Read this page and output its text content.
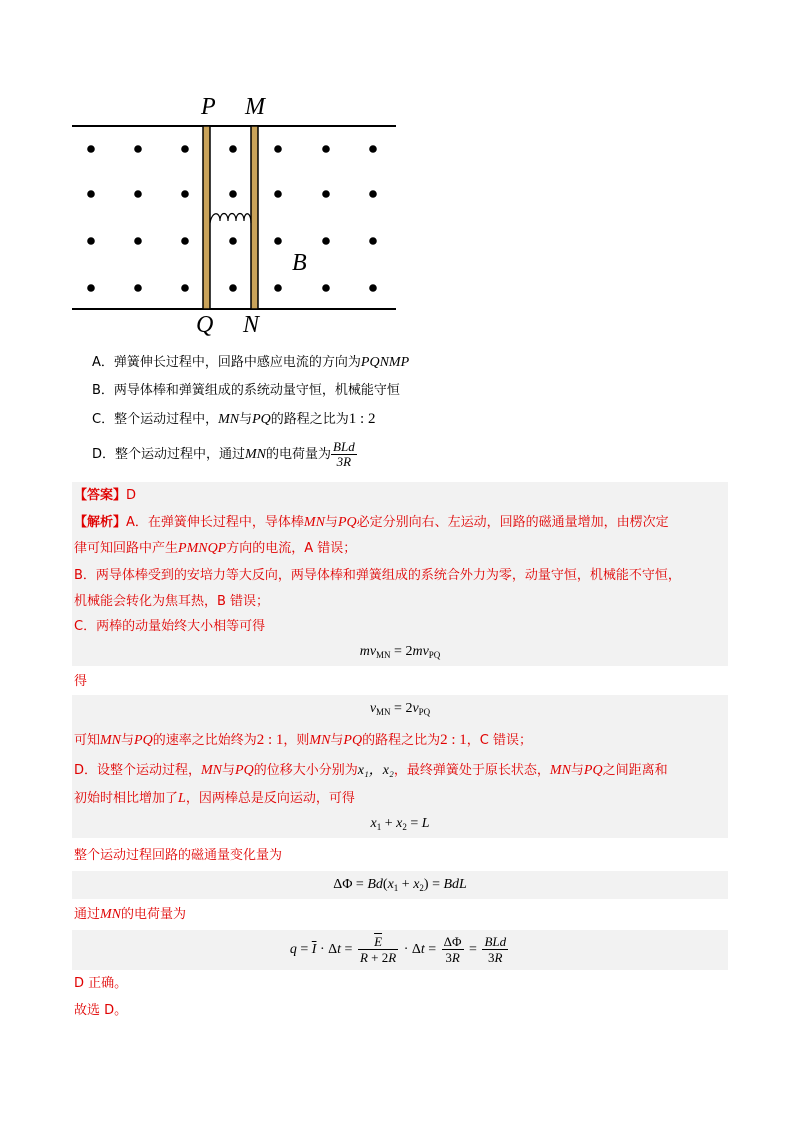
P M
Q N
B
A．弹簧伸长过程中，回路中感应电流的方向为PQNMP
B．两导体棒和弹簧组成的系统动量守恒，机械能守恒
C．整个运动过程中，MN与PQ的路程之比为1 : 2
D．整个运动过程中，通过MN的电荷量为 $\frac{\text{BLd}}{3R}$
【答案】D
【解析】A．在弹簧伸长过程中，导体棒MN与PQ必定分别向右、左运动，回路的磁通量增加，由楞次定
律可知回路中产生PMNQP方向的电流，A 错误；
B．两导体棒受到的安培力等大反向，两导体棒和弹簧组成的系统合外力为零，动量守恒，机械能不守恒，
机械能会转化为焦耳热，B 错误；
C．两棒的动量始终大小相等可得
$mv_{MN} = 2mv_{PQ}$
得
$v_{MN} = 2v_{PQ}$
可知MN与PQ的速率之比始终为2 : 1，则MN与PQ的路程之比为2 : 1，C 错误；
D．设整个运动过程，MN与PQ的位移大小分别为x₁，x₂，最终弹簧处于原长状态，MN与PQ之间距离和
初始时相比增加了L，因两棒总是反向运动，可得
$x_1 + x_2 = L$
整个运动过程回路的磁通量变化量为
$\Delta\Phi = Bd(x_1 + x_2)$ = BdL
通过MN的电荷量为
$q = \overline{I} \cdot \Delta t = \frac{\overline{E}}{R + 2R} \cdot \Delta t = \frac{\Delta\Phi}{3R}$ =
BLd
3R
D 正确。
故选 D。
